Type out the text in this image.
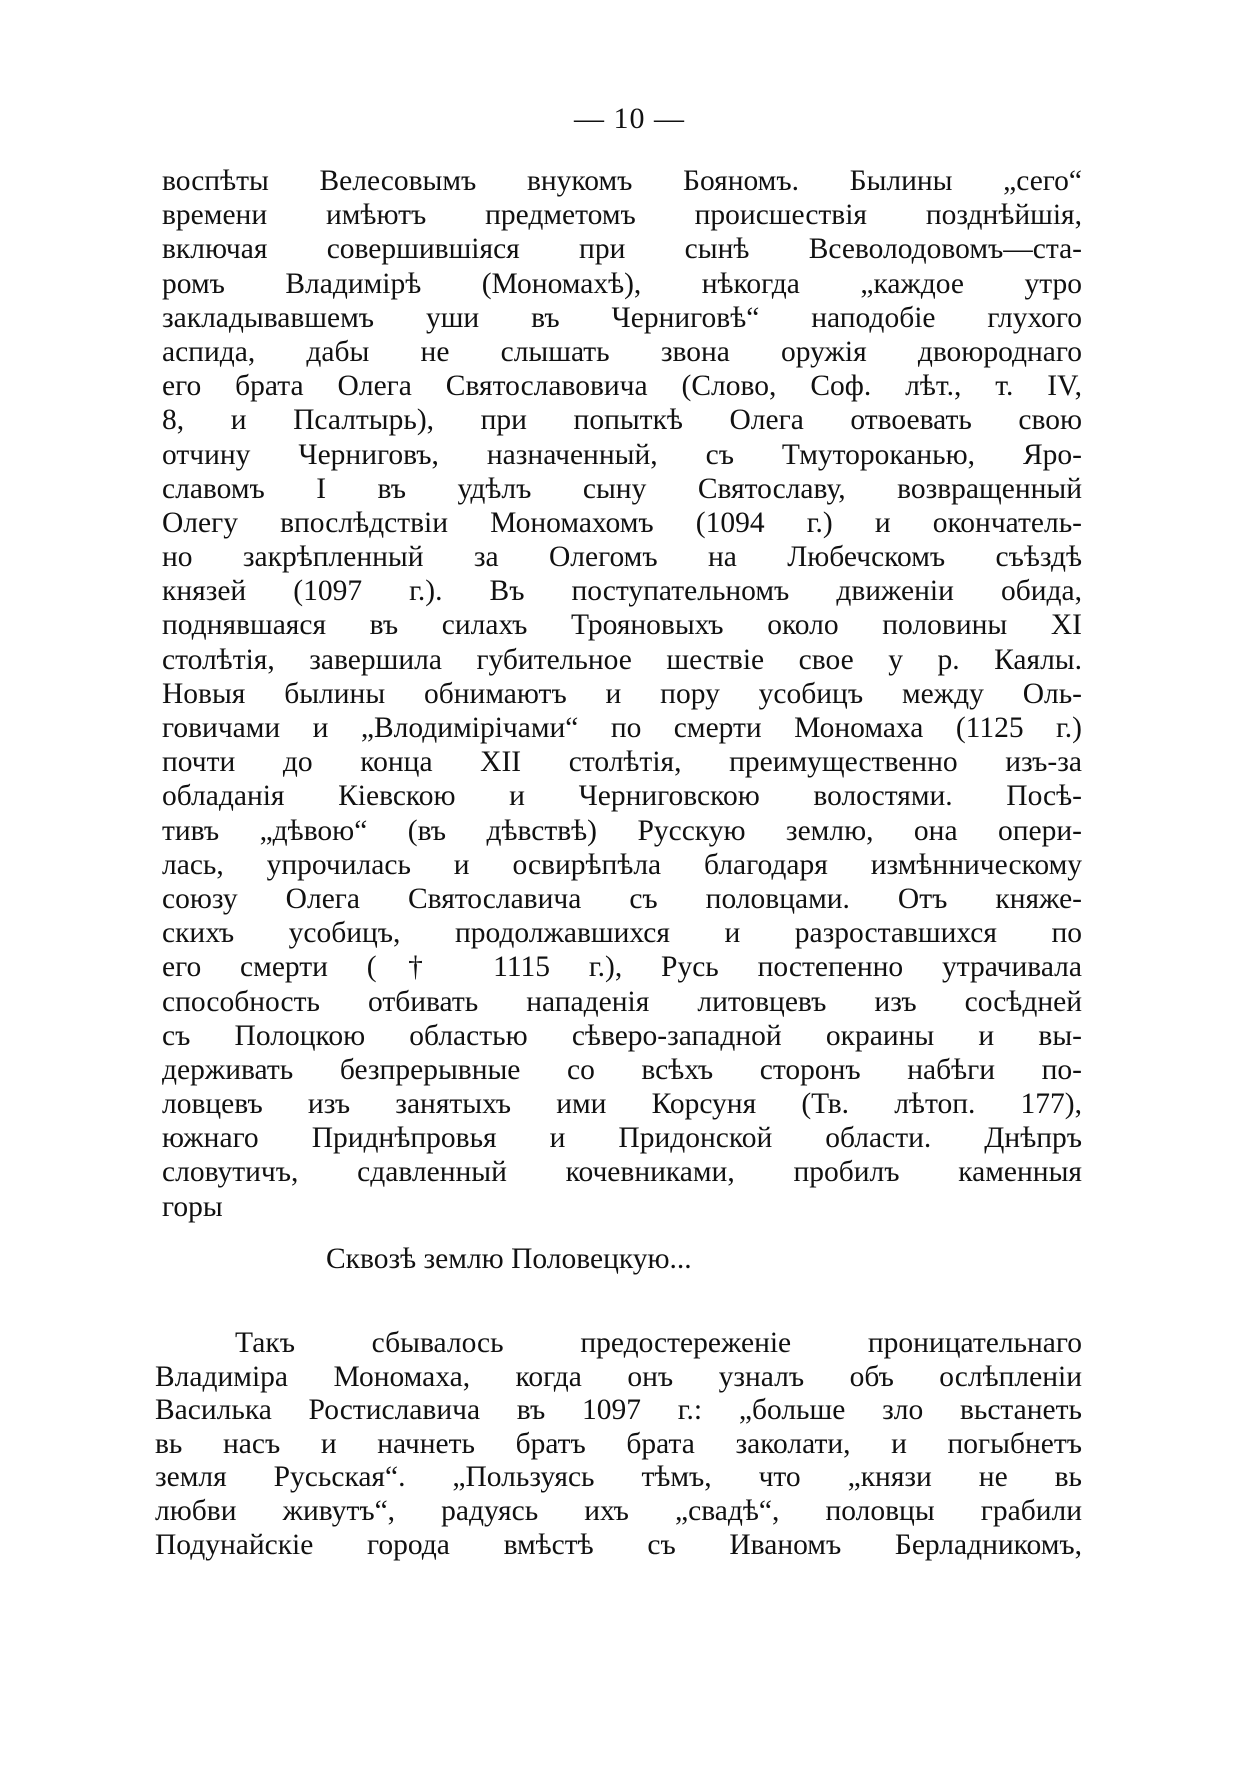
— 10 —
воспѣты Велесовымъ внукомъ Бояномъ. Былины „сего“
времени имѣютъ предметомъ происшествія позднѣйшія,
включая совершившіяся при сынѣ Всеволодовомъ—ста-
ромъ Владимірѣ (Мономахѣ), нѣкогда „каждое утро
закладывавшемъ уши въ Черниговѣ“ наподобіе глухого
аспида, дабы не слышать звона оружія двоюроднаго
его брата Олега Святославовича (Слово, Соф. лѣт., т. IV,
8, и Псалтырь), при попыткѣ Олега отвоевать свою
отчину Черниговъ, назначенный, съ Тмутороканью, Яро-
славомъ I въ удѣлъ сыну Святославу, возвращенный
Олегу впослѣдствіи Мономахомъ (1094 г.) и окончатель-
но закрѣпленный за Олегомъ на Любечскомъ съѣздѣ
князей (1097 г.). Въ поступательномъ движеніи обида,
поднявшаяся въ силахъ Трояновыхъ около половины XI
столѣтія, завершила губительное шествіе свое у р. Каялы.
Новыя былины обнимаютъ и пору усобицъ между Оль-
говичами и „Влодимірічами“ по смерти Мономаха (1125 г.)
почти до конца XII столѣтія, преимущественно изъ-за
обладанія Кіевскою и Черниговскою волостями. Посѣ-
тивъ „дѣвою“ (въ дѣвствѣ) Русскую землю, она опери-
лась, упрочилась и освирѣпѣла благодаря измѣнническому
союзу Олега Святославича съ половцами. Отъ княже-
скихъ усобицъ, продолжавшихся и разроставшихся по
его смерти († 1115 г.), Русь постепенно утрачивала
способность отбивать нападенія литовцевъ изъ сосѣдней
съ Полоцкою областью сѣверо-западной окраины и вы-
держивать безпрерывные со всѣхъ сторонъ набѣги по-
ловцевъ изъ занятыхъ ими Корсуня (Тв. лѣтоп. 177),
южнаго Приднѣпровья и Придонской области. Днѣпръ
словутичъ, сдавленный кочевниками, пробилъ каменныя
горы
Сквозѣ землю Половецкую...
Такъ сбывалось предостереженіе проницательнаго
Владиміра Мономаха, когда онъ узналъ объ ослѣпленіи
Василька Ростиславича въ 1097 г.: „больше зло вьстанеть
вь насъ и начнеть братъ брата заколати, и погыбнетъ
земля Русьская“. „Пользуясь тѣмъ, что „князи не вь
любви живутъ“, радуясь ихъ „свадѣ“, половцы грабили
Подунайскіе города вмѣстѣ съ Иваномъ Берладникомъ,
